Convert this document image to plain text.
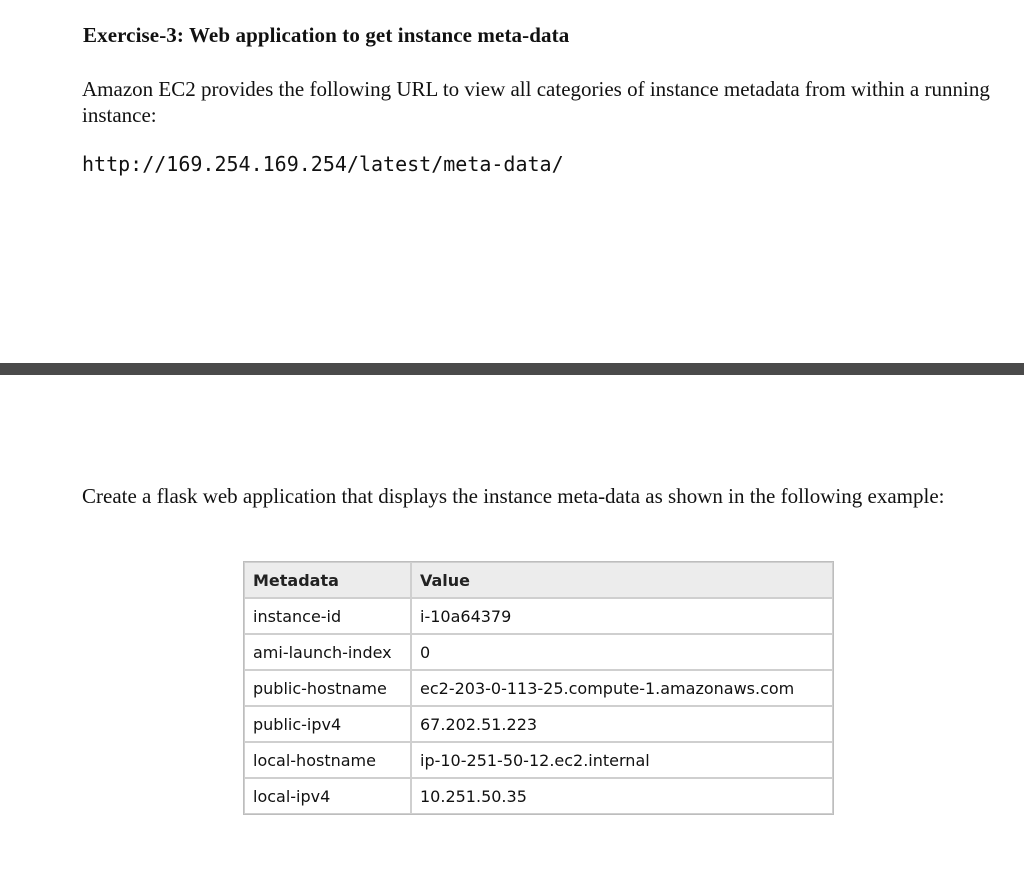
Exercise-3: Web application to get instance meta-data

Amazon EC2 provides the following URL to view all categories of instance metadata from within a running instance:

http://169.254.169.254/latest/meta-data/

Create a flask web application that displays the instance meta-data as shown in the following example:

Metadata	Value
instance-id	i-10a64379
ami-launch-index	0
public-hostname	ec2-203-0-113-25.compute-1.amazonaws.com
public-ipv4	67.202.51.223
local-hostname	ip-10-251-50-12.ec2.internal
local-ipv4	10.251.50.35
